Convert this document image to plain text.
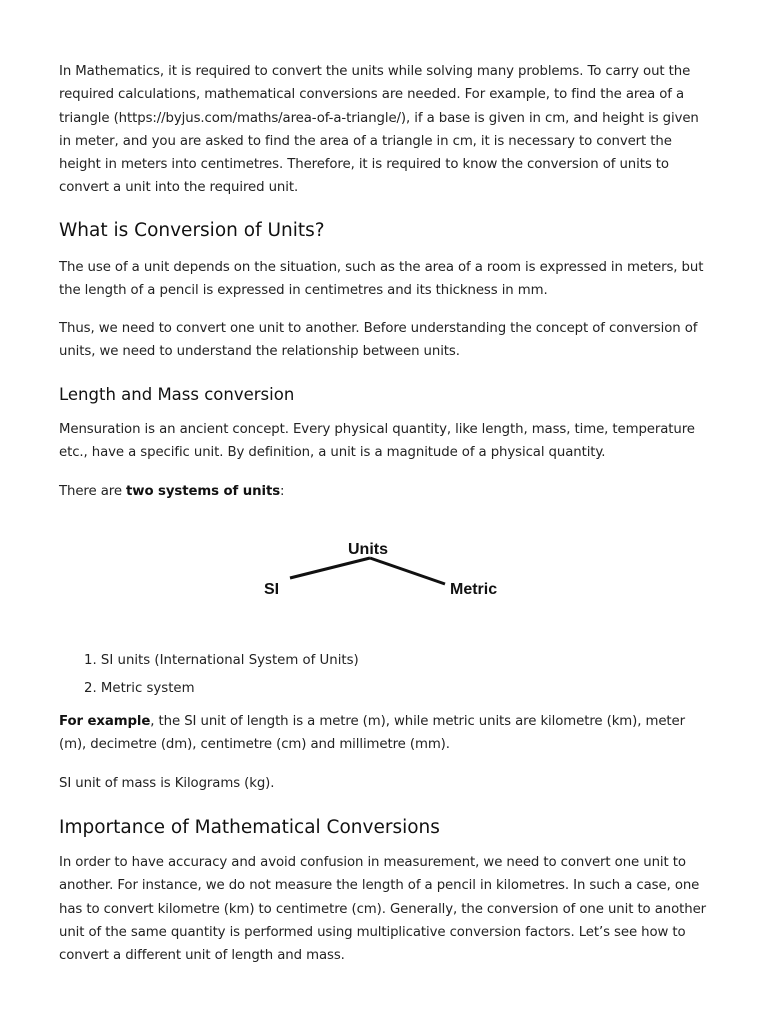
In Mathematics, it is required to convert the units while solving many problems. To carry out the required calculations, mathematical conversions are needed. For example, to find the area of a triangle (https://byjus.com/maths/area-of-a-triangle/), if a base is given in cm, and height is given in meter, and you are asked to find the area of a triangle in cm, it is necessary to convert the height in meters into centimetres. Therefore, it is required to know the conversion of units to convert a unit into the required unit.

What is Conversion of Units?

The use of a unit depends on the situation, such as the area of a room is expressed in meters, but the length of a pencil is expressed in centimetres and its thickness in mm.

Thus, we need to convert one unit to another. Before understanding the concept of conversion of units, we need to understand the relationship between units.

Length and Mass conversion

Mensuration is an ancient concept. Every physical quantity, like length, mass, time, temperature etc., have a specific unit. By definition, a unit is a magnitude of a physical quantity.

There are two systems of units:

Units
SI	Metric
1. SI units (International System of Units)
2. Metric system

For example, the SI unit of length is a metre (m), while metric units are kilometre (km), meter (m), decimetre (dm), centimetre (cm) and millimetre (mm).

SI unit of mass is Kilograms (kg).

Importance of Mathematical Conversions

In order to have accuracy and avoid confusion in measurement, we need to convert one unit to another. For instance, we do not measure the length of a pencil in kilometres. In such a case, one has to convert kilometre (km) to centimetre (cm). Generally, the conversion of one unit to another unit of the same quantity is performed using multiplicative conversion factors. Let’s see how to convert a different unit of length and mass.
